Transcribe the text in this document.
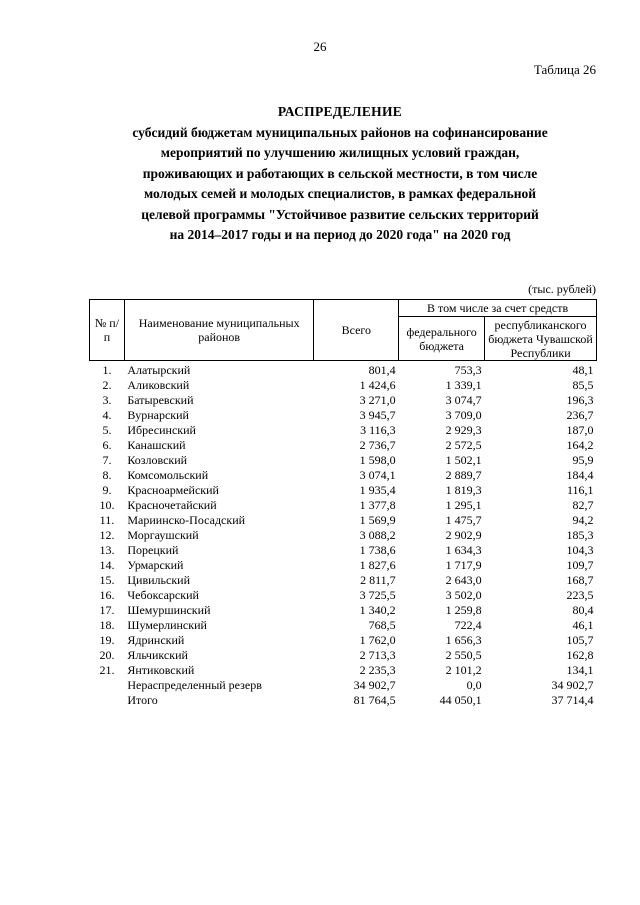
26
Таблица 26
РАСПРЕДЕЛЕНИЕ
субсидий бюджетам муниципальных районов на софинансирование
мероприятий по улучшению жилищных условий граждан,
проживающих и работающих в сельской местности, в том числе
молодых семей и молодых специалистов, в рамках федеральной
целевой программы "Устойчивое развитие сельских территорий
на 2014–2017 годы и на период до 2020 года" на 2020 год
(тыс. рублей)
№ п/п	Наименование муниципальных районов	Всего	В том числе за счет средств	
			федерального бюджета	республиканского бюджета Чувашской Республики
1.	Алатырский	801,4	753,3	48,1
2.	Аликовский	1 424,6	1 339,1	85,5
3.	Батыревский	3 271,0	3 074,7	196,3
4.	Вурнарский	3 945,7	3 709,0	236,7
5.	Ибресинский	3 116,3	2 929,3	187,0
6.	Канашский	2 736,7	2 572,5	164,2
7.	Козловский	1 598,0	1 502,1	95,9
8.	Комсомольский	3 074,1	2 889,7	184,4
9.	Красноармейский	1 935,4	1 819,3	116,1
10.	Красночетайский	1 377,8	1 295,1	82,7
11.	Мариинско-Посадский	1 569,9	1 475,7	94,2
12.	Моргаушский	3 088,2	2 902,9	185,3
13.	Порецкий	1 738,6	1 634,3	104,3
14.	Урмарский	1 827,6	1 717,9	109,7
15.	Цивильский	2 811,7	2 643,0	168,7
16.	Чебоксарский	3 725,5	3 502,0	223,5
17.	Шемуршинский	1 340,2	1 259,8	80,4
18.	Шумерлинский	768,5	722,4	46,1
19.	Ядринский	1 762,0	1 656,3	105,7
20.	Яльчикский	2 713,3	2 550,5	162,8
21.	Янтиковский	2 235,3	2 101,2	134,1
	Нераспределенный резерв	34 902,7	0,0	34 902,7
	Итого	81 764,5	44 050,1	37 714,4
